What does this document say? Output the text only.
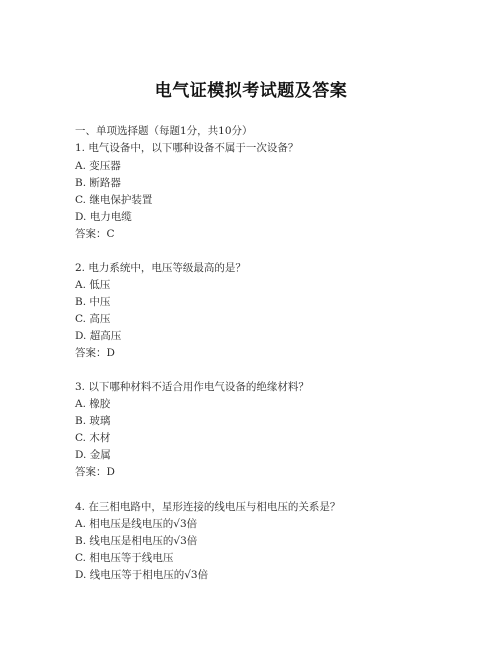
电气证模拟考试题及答案
一、单项选择题（每题1分，共10分）
1. 电气设备中，以下哪种设备不属于一次设备？
A. 变压器
B. 断路器
C. 继电保护装置
D. 电力电缆
答案：C
2. 电力系统中，电压等级最高的是？
A. 低压
B. 中压
C. 高压
D. 超高压
答案：D
3. 以下哪种材料不适合用作电气设备的绝缘材料？
A. 橡胶
B. 玻璃
C. 木材
D. 金属
答案：D
4. 在三相电路中，星形连接的线电压与相电压的关系是？
A. 相电压是线电压的√3倍
B. 线电压是相电压的√3倍
C. 相电压等于线电压
D. 线电压等于相电压的√3倍
